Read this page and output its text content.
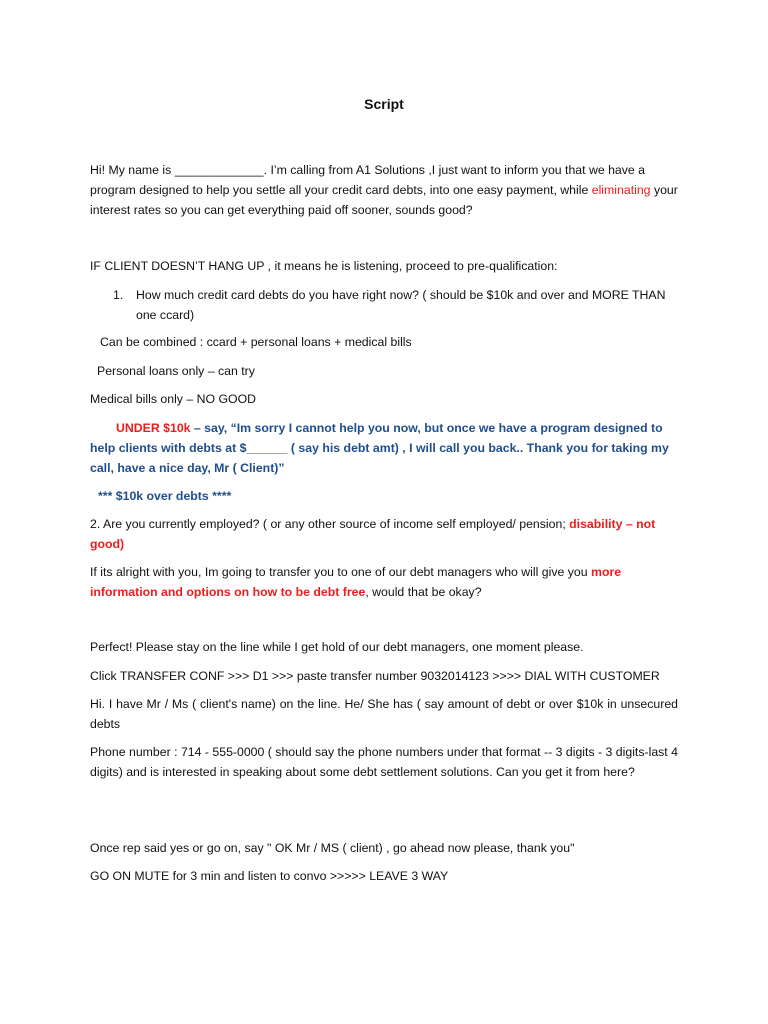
Script

Hi! My name is _____________. I’m calling from A1 Solutions ,I just want to inform you that we have a program designed to help you settle all your credit card debts, into one easy payment, while eliminating your interest rates so you can get everything paid off sooner, sounds good?

IF CLIENT DOESN’T HANG UP , it means he is listening, proceed to pre-qualification:

1. How much credit card debts do you have right now? ( should be $10k and over and MORE THAN one ccard)

Can be combined : ccard + personal loans + medical bills

Personal loans only – can try

Medical bills only – NO GOOD

UNDER $10k – say, “Im sorry I cannot help you now, but once we have a program designed to help clients with debts at $______ ( say his debt amt) , I will call you back.. Thank you for taking my call, have a nice day, Mr ( Client)”

*** $10k over debts ****

2. Are you currently employed? ( or any other source of income self employed/ pension; disability – not good)

If its alright with you, Im going to transfer you to one of our debt managers who will give you more information and options on how to be debt free, would that be okay?

Perfect! Please stay on the line while I get hold of our debt managers, one moment please.

Click TRANSFER CONF >>> D1 >>> paste transfer number 9032014123 >>>> DIAL WITH CUSTOMER

Hi. I have Mr / Ms ( client's name) on the line. He/ She has ( say amount of debt or over $10k in unsecured debts

Phone number : 714 - 555-0000 ( should say the phone numbers under that format -- 3 digits - 3 digits-last 4 digits) and is interested in speaking about some debt settlement solutions. Can you get it from here?

Once rep said yes or go on, say " OK Mr / MS ( client) , go ahead now please, thank you"

GO ON MUTE for 3 min and listen to convo >>>>> LEAVE 3 WAY
